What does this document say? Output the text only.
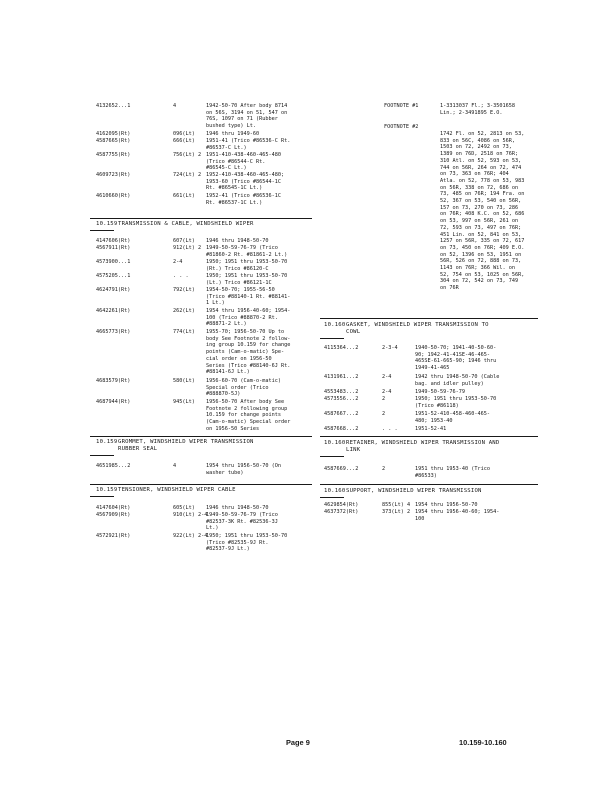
4132652...1	4	1942-50-70 After body 8714
on 56S, 3194 on 51, 547 on
76S, 1097 on 71 (Rubber
bushed type) Lt.
4162095(Rt)	096(Lt) 1946 thru 1949-60
4587665(Rt)	666(Lt) 1951-41 (Trico #86536-C Rt.
#86537-C Lt.)
4587755(Rt)	756(Lt) 2 1951-410-438-460-465-480
(Trico #86544-C Rt.
#86545-C Lt.)
4609723(Rt)	724(Lt) 2 1952-410-438-460-465-480;
1953-60 (Trico #86544-1C
Rt. #86545-1C Lt.)
4610660(Rt)	661(Lt) 1952-41 (Trico #86536-1C
Rt. #86537-1C Lt.)

10.159 TRANSMISSION & CABLE, WINDSHIELD WIPER

4147606(Rt)	607(Lt) 1946 thru 1948-50-70
4567911(Rt)	912(Lt) 2 1949-50-59-76-79 (Trico
#81860-2 Rt. #81861-2 Lt.)
4573900...1	2-4	1950; 1951 thru 1953-50-70
(Rt.) Trico #86120-C
4575205...1	. . .	1950; 1951 thru 1953-50-70
(Lt.) Trico #86121-1C
4624791(Rt)	792(Lt) 1954-50-70; 1955-56-50
(Trico #88140-1 Rt. #88141-
1 Lt.)
4642261(Rt)	262(Lt) 1954 thru 1956-40-60; 1954-
100 (Trico #88870-2 Rt.
#88871-2 Lt.)
4665773(Rt)	774(Lt) 1955-70; 1956-50-70 Up to
body See Footnote 2 follow-
ing group 10.159 for change
points (Cam-o-matic) Spe-
cial order on 1956-50
Series (Trico #88140-6J Rt.
#88141-6J Lt.)
4683579(Rt)	580(Lt) 1956-60-70 (Cam-o-matic)
Special order (Trico
#888870-5J)
4687944(Rt)	945(Lt) 1956-50-70 After body See
Footnote 2 following group
10.159 for change points
(Cam-o-matic) Special order
on 1956-50 Series

10.159 GROMMET, WINDSHIELD WIPER TRANSMISSION
RUBBER SEAL

4651985...2	4	1954 thru 1956-50-70 (On
washer tube)

10.159 TENSIONER, WINDSHIELD WIPER CABLE

4147604(Rt)	605(Lt) 1946 thru 1948-50-70
4567909(Rt)	910(Lt) 2-4
1949-50-59-76-79 (Trico
#82537-3K Rt. #82536-3J
Lt.)
4572921(Rt)	922(Lt) 2-4
1950; 1951 thru 1953-50-70
(Trico #82535-9J Rt.
#82537-9J Lt.)
FOOTNOTE #1	1-3313037 Fl.; 3-3501658
Lin.; 2-3491895 E.O.
FOOTNOTE #2
1742 Fl. on 52, 2813 on 53,
833 on 56C, 4086 on 56R,
1503 on 72, 2492 on 73,
1389 on 76D, 2518 on 76R;
310 Atl. on 52, 593 on 53,
744 on 56R, 264 on 72, 474
on 73, 363 on 76R; 404
Atla. on 52, 778 on 53, 983
on 56R, 338 on 72, 686 on
73, 485 on 76R; 194 Fra. on
52, 367 on 53, 540 on 56R,
157 on 73, 270 on 73, 286
on 76R; 408 K.C. on 52, 686
on 53, 997 on 56R, 261 on
72, 593 on 73, 497 on 76R;
451 Lin. on 52, 841 on 53,
1257 on 56R, 335 on 72, 617
on 73, 450 on 76R; 409 E.O.
on 52, 1396 on 53, 1951 on
56R, 526 on 72, 888 on 73,
1143 on 76R; 366 Wil. on
52, 754 on 53, 1025 on 56R,
304 on 72, 542 on 73, 749
on 76R

10.160 GASKET, WINDSHIELD WIPER TRANSMISSION TO
COWL

4115364...2	2-3-4	1940-50-70; 1941-40-50-60-
90; 1942-41-41SE-46-465-
465SE-61-665-90; 1946 thru
1949-41-465
4131961...2	2-4	1942 thru 1948-50-70 (Cable
bag. and idler pulley)
4553483...2	2-4	1949-50-59-76-79
4573556...2	2	1950; 1951 thru 1953-50-70
(Trico #86118)
4587667...2	2	1951-52-410-458-460-465-
480; 1953-40
4587668...2	. . .	1951-52-41

10.160 RETAINER, WINDSHIELD WIPER TRANSMISSION AND
LINK

4587669...2	2	1951 thru 1953-40 (Trico
#86533)

10.160 SUPPORT, WINDSHIELD WIPER TRANSMISSION

4629854(Rt)	855(Lt) 4 1954 thru 1956-50-70
4637372(Rt)	373(Lt) 2 1954 thru 1956-40-60; 1954-
100
Page 9	10.159-10.160
